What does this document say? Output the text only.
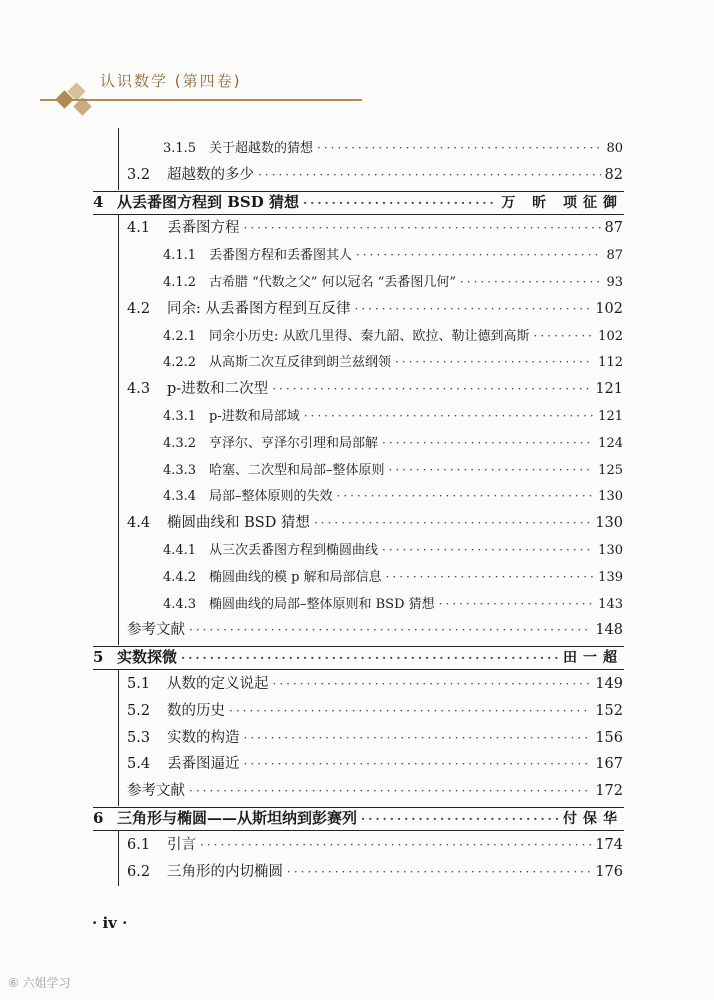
认识数学 (第四卷)
3.1.5 关于超越数的猜想 ·····	80
3.2	超越数的多少 ·····	82
4 从丢番图方程到 BSD 猜想 ·····	万 昕 项征御
4.1	丢番图方程 ·····	87
4.1.1 丢番图方程和丢番图其人 ·····	87
4.1.2 古希腊 “代数之父” 何以冠名 “丢番图几何” ·····	93
4.2	同余: 从丢番图方程到互反律 ·····	102
4.2.1 同余小历史: 从欧几里得、秦九韶、欧拉、勒让德到高斯 ·····	102
4.2.2 从高斯二次互反律到朗兰兹纲领 ·····	112
4.3	p-进数和二次型 ·····	121
4.3.1 p-进数和局部域 ·····	121
4.3.2 亨泽尔、亨泽尔引理和局部解 ·····	124
4.3.3 哈塞、二次型和局部–整体原则 ·····	125
4.3.4 局部–整体原则的失效 ·····	130
4.4	椭圆曲线和 BSD 猜想 ·····	130
4.4.1 从三次丢番图方程到椭圆曲线 ·····	130
4.4.2 椭圆曲线的模 p 解和局部信息 ·····	139
4.4.3 椭圆曲线的局部–整体原则和 BSD 猜想 ·····	143
参考文献 ·····	148
5 实数探微 ·····	田一超
5.1	从数的定义说起 ·····	149
5.2	数的历史 ·····	152
5.3	实数的构造 ·····	156
5.4	丢番图逼近 ·····	167
参考文献 ·····	172
6 三角形与椭圆——从斯坦纳到彭赛列 ·····	付保华
6.1	引言 ·····	174
6.2	三角形的内切椭圆 ·····	176
· iv ·
⑥ 六姐学习
